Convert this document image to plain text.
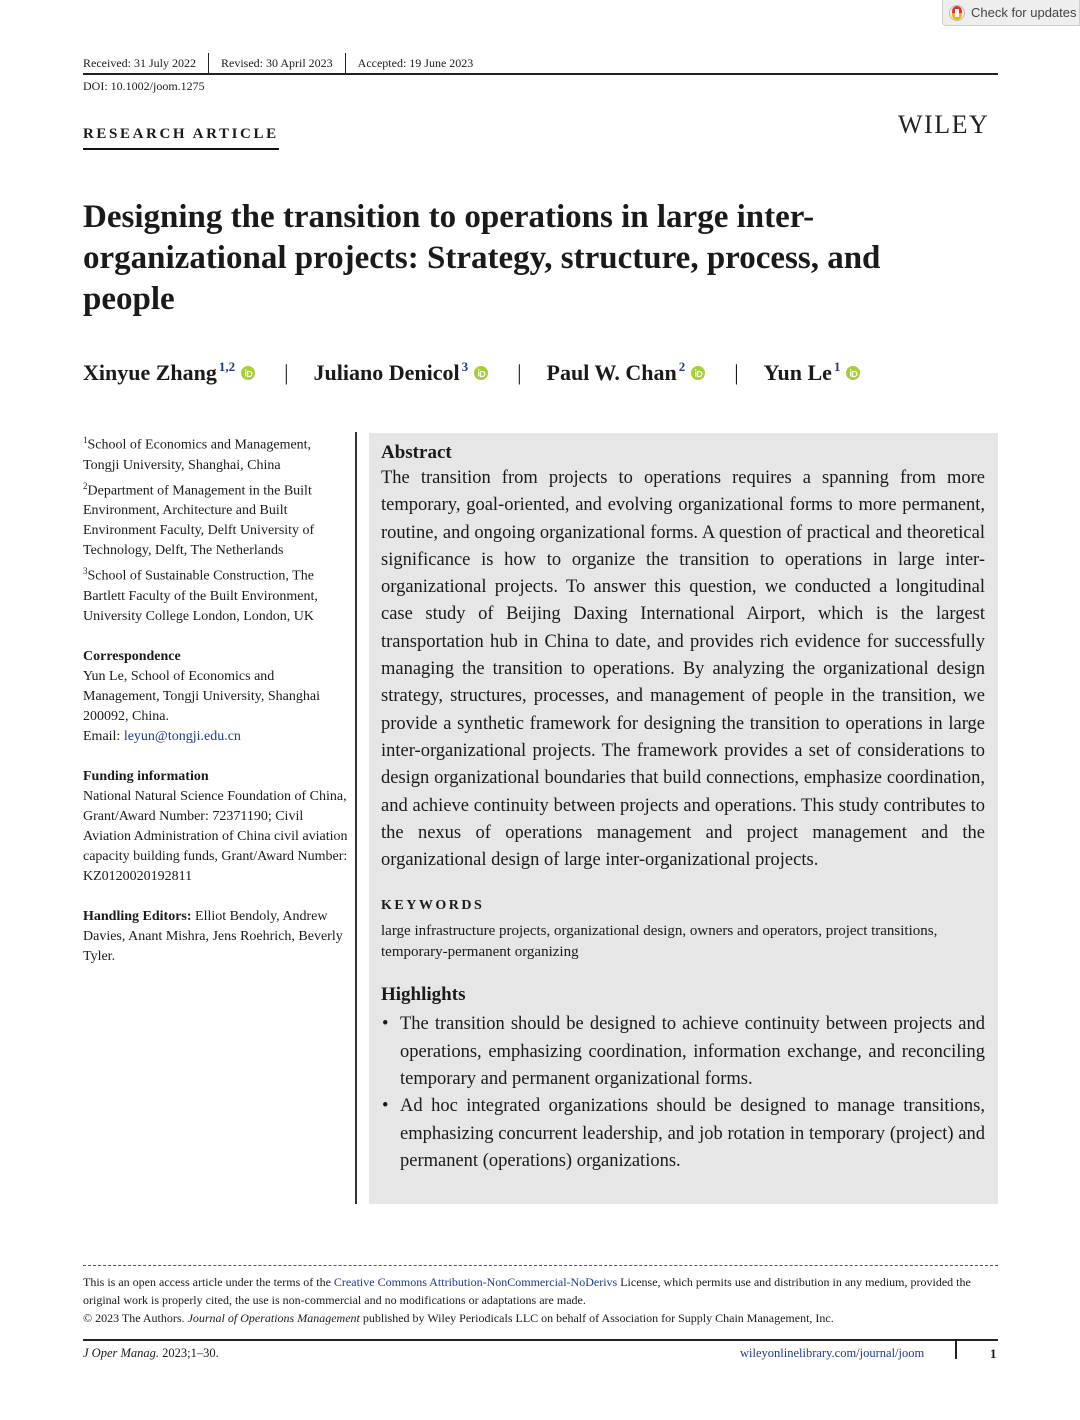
Check for updates
Received: 31 July 2022 Revised: 30 April 2023 Accepted: 19 June 2023
DOI: 10.1002/joom.1275
RESEARCH ARTICLE	WILEY
Designing the transition to operations in large inter-organizational projects: Strategy, structure, process, and people
Xinyue Zhang$^{1,2}$ | Juliano Denicol$^3$ | Paul W. Chan$^2$ | Yun Le$^1$

$^1$School of Economics and Management, Tongji University, Shanghai, China

$^2$Department of Management in the Built Environment, Architecture and Built Environment Faculty, Delft University of Technology, Delft, The Netherlands

$^3$School of Sustainable Construction, The Bartlett Faculty of the Built Environment, University College London, London, UK

Correspondence

Yun Le, School of Economics and Management, Tongji University, Shanghai 200092, China.

Email: leyun@tongji.edu.cn

Funding information

National Natural Science Foundation of China, Grant/Award Number: 72371190; Civil Aviation Administration of China civil aviation capacity building funds, Grant/Award Number: KZ0120020192811

Handling Editors: Elliot Bendoly, Andrew Davies, Anant Mishra, Jens Roehrich, Beverly Tyler.

Abstract

The transition from projects to operations requires a spanning from more temporary, goal-oriented, and evolving organizational forms to more permanent, routine, and ongoing organizational forms. A question of practical and theoretical significance is how to organize the transition to operations in large inter-organizational projects. To answer this question, we conducted a longitudinal case study of Beijing Daxing International Airport, which is the largest transportation hub in China to date, and provides rich evidence for successfully managing the transition to operations. By analyzing the organizational design strategy, structures, processes, and management of people in the transition, we provide a synthetic framework for designing the transition to operations in large inter-organizational projects. The framework provides a set of considerations to design organizational boundaries that build connections, emphasize coordination, and achieve continuity between projects and operations. This study contributes to the nexus of operations management and project management and the organizational design of large inter-organizational projects.

KEYWORDS
large infrastructure projects, organizational design, owners and operators, project transitions, temporary-permanent organizing
Highlights
• The transition should be designed to achieve continuity between projects and operations, emphasizing coordination, information exchange, and reconciling temporary and permanent organizational forms.
• Ad hoc integrated organizations should be designed to manage transitions, emphasizing concurrent leadership, and job rotation in temporary (project) and permanent (operations) organizations.

This is an open access article under the terms of the Creative Commons Attribution-NonCommercial-NoDerivs License, which permits use and distribution in any medium, provided the original work is properly cited, the use is non-commercial and no modifications or adaptations are made.

© 2023 The Authors. Journal of Operations Management published by Wiley Periodicals LLC on behalf of Association for Supply Chain Management, Inc.

J Oper Manag. 2023;1–30.	wileyonlinelibrary.com/journal/joom	1
